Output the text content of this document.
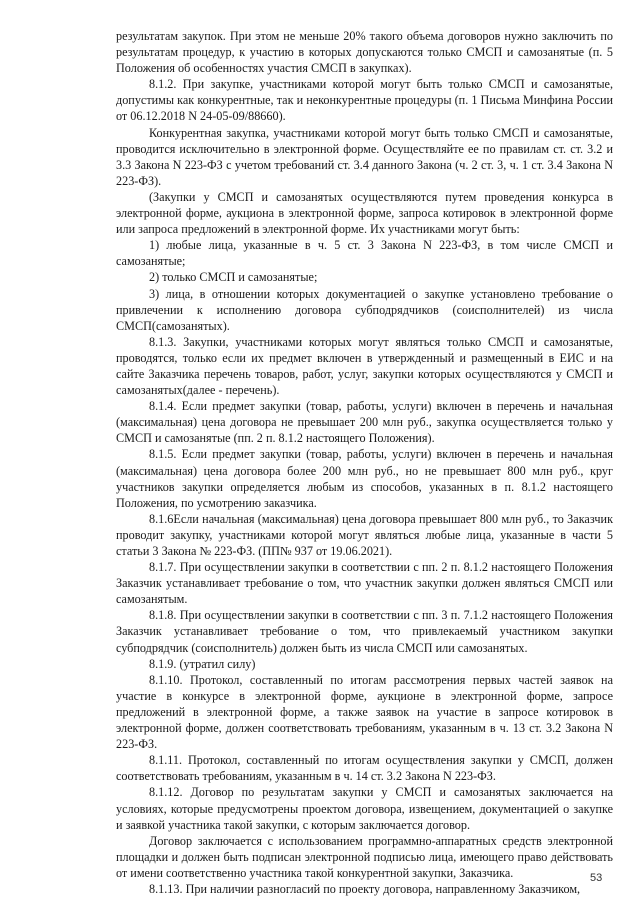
результатам закупок. При этом не меньше 20% такого объема договоров нужно заключить по результатам процедур, к участию в которых допускаются только СМСП и самозанятые (п. 5 Положения об особенностях участия СМСП в закупках).

8.1.2. При закупке, участниками которой могут быть только СМСП и самозанятые, допустимы как конкурентные, так и неконкурентные процедуры (п. 1 Письма Минфина России от 06.12.2018 N 24-05-09/88660).

Конкурентная закупка, участниками которой могут быть только СМСП и самозанятые, проводится исключительно в электронной форме. Осуществляйте ее по правилам ст. ст. 3.2 и 3.3 Закона N 223-ФЗ с учетом требований ст. 3.4 данного Закона (ч. 2 ст. 3, ч. 1 ст. 3.4 Закона N 223-ФЗ).

(Закупки у СМСП и самозанятых осуществляются путем проведения конкурса в электронной форме, аукциона в электронной форме, запроса котировок в электронной форме или запроса предложений в электронной форме. Их участниками могут быть:

1) любые лица, указанные в ч. 5 ст. 3 Закона N 223-ФЗ, в том числе СМСП и самозанятые;

2) только СМСП и самозанятые;

3) лица, в отношении которых документацией о закупке установлено требование о привлечении к исполнению договора субподрядчиков (соисполнителей) из числа СМСП(самозанятых).

8.1.3. Закупки, участниками которых могут являться только СМСП и самозанятые, проводятся, только если их предмет включен в утвержденный и размещенный в ЕИС и на сайте Заказчика перечень товаров, работ, услуг, закупки которых осуществляются у СМСП и самозанятых(далее - перечень).

8.1.4. Если предмет закупки (товар, работы, услуги) включен в перечень и начальная (максимальная) цена договора не превышает 200 млн руб., закупка осуществляется только у СМСП и самозанятые (пп. 2 п. 8.1.2 настоящего Положения).

8.1.5. Если предмет закупки (товар, работы, услуги) включен в перечень и начальная (максимальная) цена договора более 200 млн руб., но не превышает 800 млн руб., круг участников закупки определяется любым из способов, указанных в п. 8.1.2 настоящего Положения, по усмотрению заказчика.

8.1.6Если начальная (максимальная) цена договора превышает 800 млн руб., то Заказчик проводит закупку, участниками которой могут являться любые лица, указанные в части 5 статьи 3 Закона № 223-ФЗ. (ПП№ 937 от 19.06.2021).

8.1.7. При осуществлении закупки в соответствии с пп. 2 п. 8.1.2 настоящего Положения Заказчик устанавливает требование о том, что участник закупки должен являться СМСП или самозанятым.

8.1.8. При осуществлении закупки в соответствии с пп. 3 п. 7.1.2 настоящего Положения Заказчик устанавливает требование о том, что привлекаемый участником закупки субподрядчик (соисполнитель) должен быть из числа СМСП или самозанятых.

8.1.9. (утратил силу)

8.1.10. Протокол, составленный по итогам рассмотрения первых частей заявок на участие в конкурсе в электронной форме, аукционе в электронной форме, запросе предложений в электронной форме, а также заявок на участие в запросе котировок в электронной форме, должен соответствовать требованиям, указанным в ч. 13 ст. 3.2 Закона N 223-ФЗ.

8.1.11. Протокол, составленный по итогам осуществления закупки у СМСП, должен соответствовать требованиям, указанным в ч. 14 ст. 3.2 Закона N 223-ФЗ.

8.1.12. Договор по результатам закупки у СМСП и самозанятых заключается на условиях, которые предусмотрены проектом договора, извещением, документацией о закупке и заявкой участника такой закупки, с которым заключается договор.

Договор заключается с использованием программно-аппаратных средств электронной площадки и должен быть подписан электронной подписью лица, имеющего право действовать от имени соответственно участника такой конкурентной закупки, Заказчика.

8.1.13. При наличии разногласий по проекту договора, направленному Заказчиком,

53
